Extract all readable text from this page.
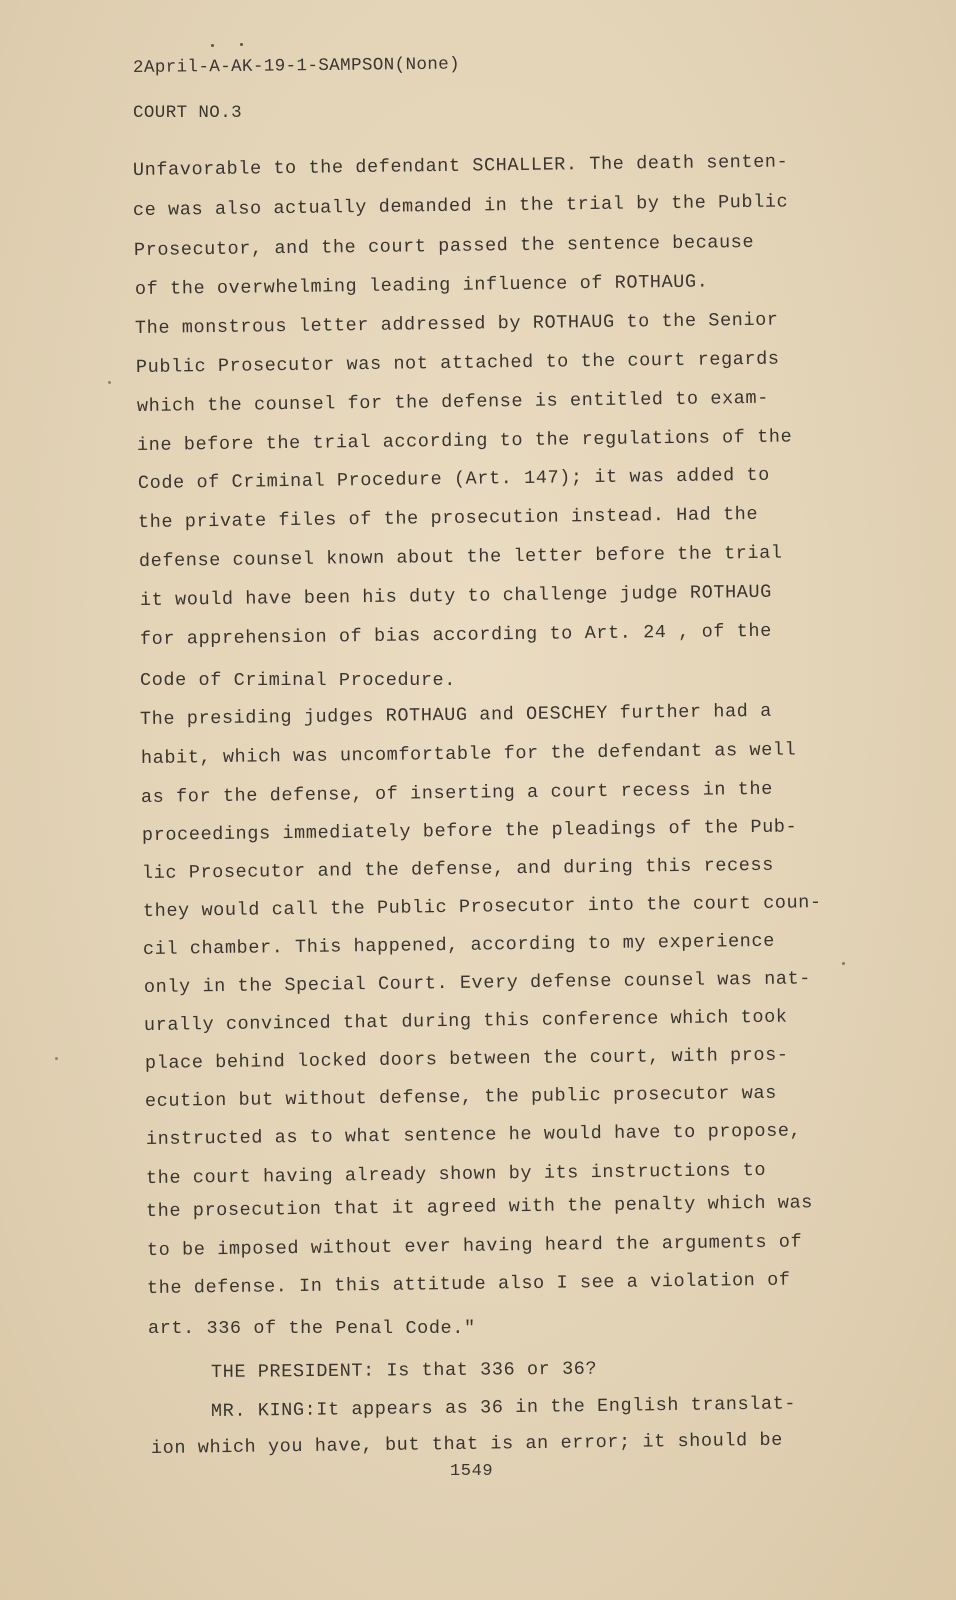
2April-A-AK-19-1-SAMPSON(None)
COURT NO.3
Unfavorable to the defendant SCHALLER. The death senten-
ce was also actually demanded in the trial by the Public
Prosecutor, and the court passed the sentence because
of the overwhelming leading influence of ROTHAUG.
The monstrous letter addressed by ROTHAUG to the Senior
Public Prosecutor was not attached to the court regards
which the counsel for the defense is entitled to exam-
ine before the trial according to the regulations of the
Code of Criminal Procedure (Art. 147); it was added to
the private files of the prosecution instead. Had the
defense counsel known about the letter before the trial
it would have been his duty to challenge judge ROTHAUG
for apprehension of bias according to Art. 24 , of the
Code of Criminal Procedure.
The presiding judges ROTHAUG and OESCHEY further had a
habit, which was uncomfortable for the defendant as well
as for the defense, of inserting a court recess in the
proceedings immediately before the pleadings of the Pub-
lic Prosecutor and the defense, and during this recess
they would call the Public Prosecutor into the court coun-
cil chamber. This happened, according to my experience
only in the Special Court. Every defense counsel was nat-
urally convinced that during this conference which took
place behind locked doors between the court, with pros-
ecution but without defense, the public prosecutor was
instructed as to what sentence he would have to propose,
the court having already shown by its instructions to
the prosecution that it agreed with the penalty which was
to be imposed without ever having heard the arguments of
the defense. In this attitude also I see a violation of
art. 336 of the Penal Code."
THE PRESIDENT: Is that 336 or 36?
MR. KING:It appears as 36 in the English translat-
ion which you have, but that is an error; it should be
1549
